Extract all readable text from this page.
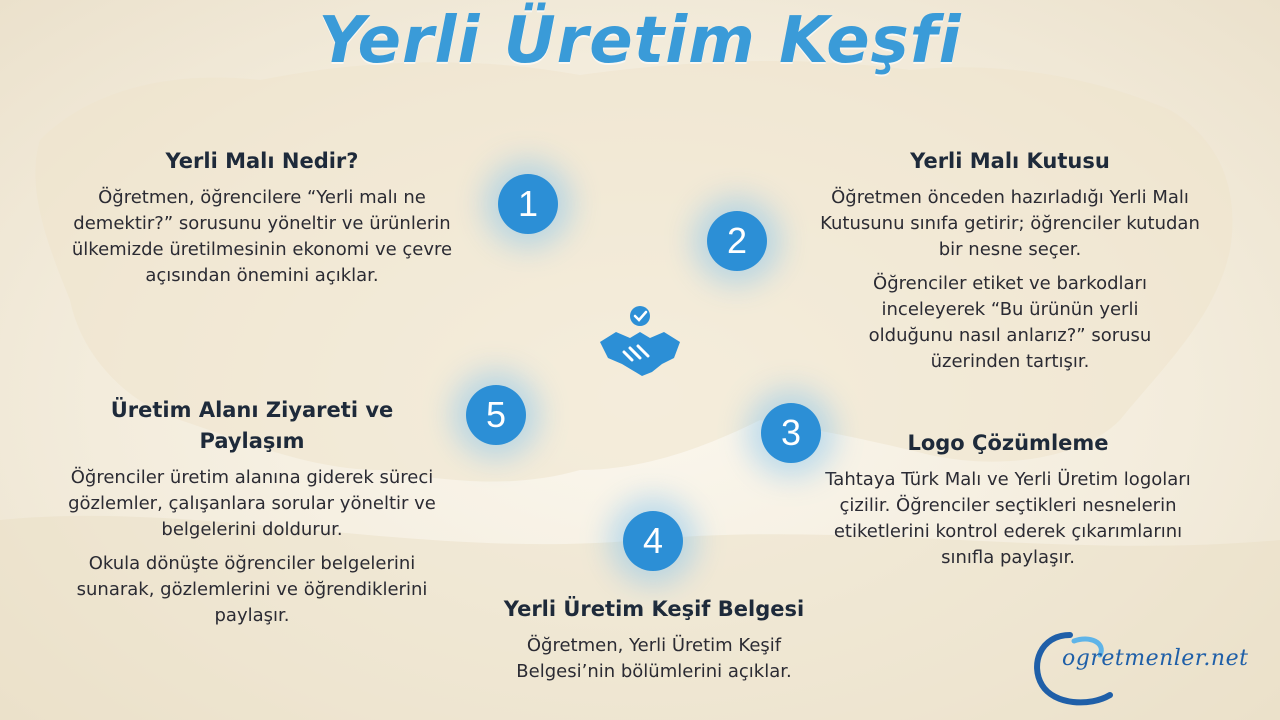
Yerli Üretim Keşfi
Yerli Malı Nedir?

Öğretmen, öğrencilere “Yerli malı ne demektir?” sorusunu yöneltir ve ürünlerin ülkemizde üretilmesinin ekonomi ve çevre açısından önemini açıklar.

Yerli Malı Kutusu

Öğretmen önceden hazırladığı Yerli Malı Kutusunu sınıfa getirir; öğrenciler kutudan bir nesne seçer.

Öğrenciler etiket ve barkodları inceleyerek “Bu ürünün yerli olduğunu nasıl anlarız?” sorusu üzerinden tartışır.

Üretim Alanı Ziyareti ve Paylaşım

Öğrenciler üretim alanına giderek süreci gözlemler, çalışanlara sorular yöneltir ve belgelerini doldurur.

Okula dönüşte öğrenciler belgelerini sunarak, gözlemlerini ve öğrendiklerini paylaşır.

Logo Çözümleme

Tahtaya Türk Malı ve Yerli Üretim logoları çizilir. Öğrenciler seçtikleri nesnelerin etiketlerini kontrol ederek çıkarımlarını sınıfla paylaşır.

Yerli Üretim Keşif Belgesi

Öğretmen, Yerli Üretim Keşif Belgesi’nin bölümlerini açıklar.

1
2
3
4
5
ogretmenler.net
